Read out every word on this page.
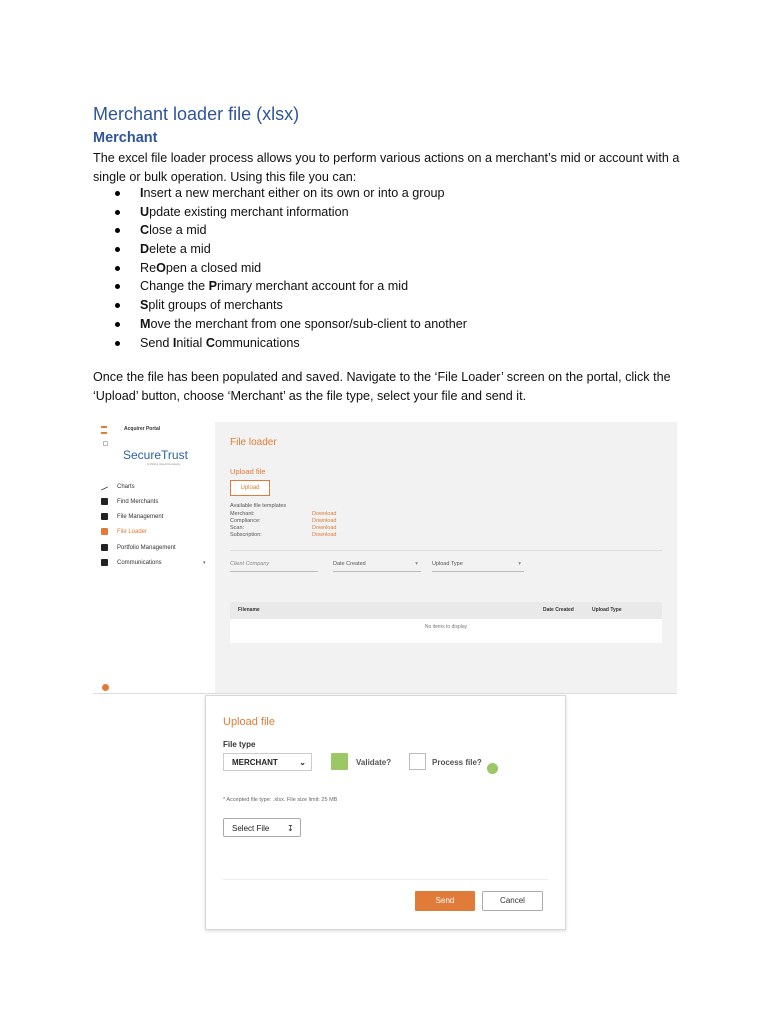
Merchant loader file (xlsx)
Merchant

The excel file loader process allows you to perform various actions on a merchant’s mid or account with a single or bulk operation. Using this file you can:

Insert a new merchant either on its own or into a group
Update existing merchant information
Close a mid
Delete a mid
ReOpen a closed mid
Change the Primary merchant account for a mid
Split groups of merchants
Move the merchant from one sponsor/sub-client to another
Send Initial Communications

Once the file has been populated and saved. Navigate to the ‘File Loader’ screen on the portal, click the ‘Upload’ button, choose ‘Merchant’ as the file type, select your file and send it.

Acquirer Portal
SecureTrust
A Viking Cloud Company
Charts
Find Merchants
File Management
File Loader
Portfolio Management
Communications	▾
File loader
Upload file
Upload
Available file templates
Merchant:	Download
Compliance:	Download
Scan:	Download
Subscription:	Download
Client Company	Date Created	▾	Upload Type	▾
Filename	Date Created	Upload Type
No items to display
Upload file
File type
MERCHANT	⌄	Validate?	Process file?
* Accepted file type: .xlsx. File size limit: 25 MB
Select File ↧
Send	Cancel
